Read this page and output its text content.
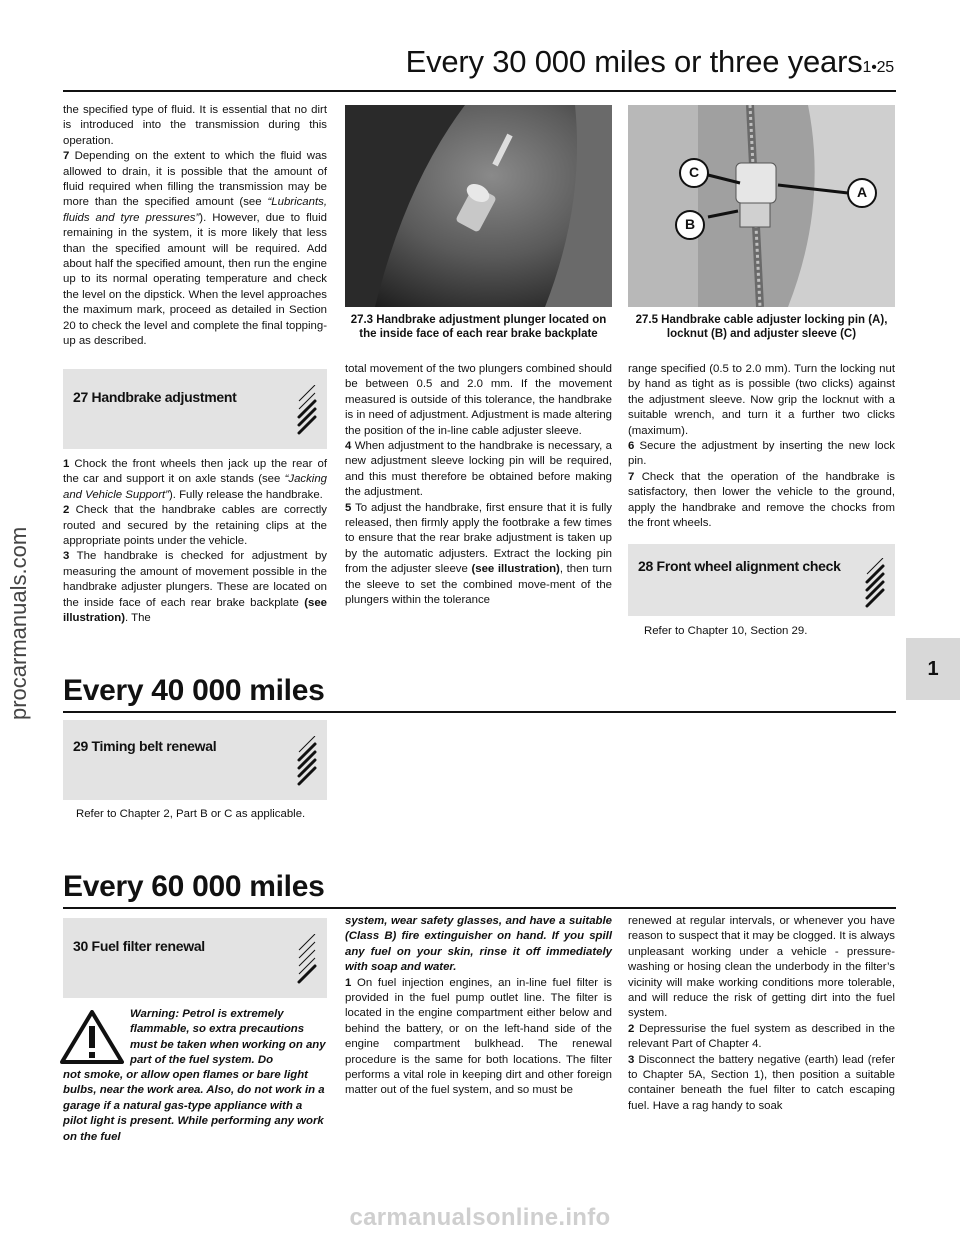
Every 30 000 miles or three years1•25

the specified type of fluid. It is essential that no dirt is introduced into the transmission during this operation.

7 Depending on the extent to which the fluid was allowed to drain, it is possible that the amount of fluid required when filling the transmission may be more than the specified amount (see “Lubricants, fluids and tyre pressures”). However, due to fluid remaining in the system, it is more likely that less than the specified amount will be required. Add about half the specified amount, then run the engine up to its normal operating temperature and check the level on the dipstick. When the level approaches the maximum mark, proceed as detailed in Section 20 to check the level and complete the final topping-up as described.

27 Handbrake adjustment

1 Chock the front wheels then jack up the rear of the car and support it on axle stands (see “Jacking and Vehicle Support”). Fully release the handbrake.

2 Check that the handbrake cables are correctly routed and secured by the retaining clips at the appropriate points under the vehicle.

3 The handbrake is checked for adjustment by measuring the amount of movement possible in the handbrake adjuster plungers. These are located on the inside face of each rear brake backplate (see illustration). The

27.3 Handbrake adjustment plunger located on the inside face of each rear brake backplate
C
B
A
27.5 Handbrake cable adjuster locking pin (A), locknut (B) and adjuster sleeve (C)

total movement of the two plungers combined should be between 0.5 and 2.0 mm. If the movement measured is outside of this tolerance, the handbrake is in need of adjustment. Adjustment is made altering the position of the in-line cable adjuster sleeve.

4 When adjustment to the handbrake is necessary, a new adjustment sleeve locking pin will be required, and this must therefore be obtained before making the adjustment.

5 To adjust the handbrake, first ensure that it is fully released, then firmly apply the footbrake a few times to ensure that the rear brake adjustment is taken up by the automatic adjusters. Extract the locking pin from the adjuster sleeve (see illustration), then turn the sleeve to set the combined move-ment of the plungers within the tolerance

range specified (0.5 to 2.0 mm). Turn the locking nut by hand as tight as is possible (two clicks) against the adjustment sleeve. Now grip the locknut with a suitable wrench, and turn it a further two clicks (maximum).

6 Secure the adjustment by inserting the new lock pin.

7 Check that the operation of the handbrake is satisfactory, then lower the vehicle to the ground, apply the handbrake and remove the chocks from the front wheels.

28 Front wheel alignment check
Refer to Chapter 10, Section 29.
1
procarmanuals.com Every 40 000 miles
29 Timing belt renewal
Refer to Chapter 2, Part B or C as applicable.
Every 60 000 miles
30 Fuel filter renewal
Warning: Petrol is extremely flammable, so extra precautions must be taken when working on any part of the fuel system. Do
not smoke, or allow open flames or bare light bulbs, near the work area. Also, do not work in a garage if a natural gas-type appliance with a pilot light is present. While performing any work on the fuel

system, wear safety glasses, and have a suitable (Class B) fire extinguisher on hand. If you spill any fuel on your skin, rinse it off immediately with soap and water.

1 On fuel injection engines, an in-line fuel filter is provided in the fuel pump outlet line. The filter is located in the engine compartment either below and behind the battery, or on the left-hand side of the engine compartment bulkhead. The renewal procedure is the same for both locations. The filter performs a vital role in keeping dirt and other foreign matter out of the fuel system, and so must be

renewed at regular intervals, or whenever you have reason to suspect that it may be clogged. It is always unpleasant working under a vehicle - pressure-washing or hosing clean the underbody in the filter’s vicinity will make working conditions more tolerable, and will reduce the risk of getting dirt into the fuel system.

2 Depressurise the fuel system as described in the relevant Part of Chapter 4.

3 Disconnect the battery negative (earth) lead (refer to Chapter 5A, Section 1), then position a suitable container beneath the fuel filter to catch escaping fuel. Have a rag handy to soak

carmanualsonline.info
